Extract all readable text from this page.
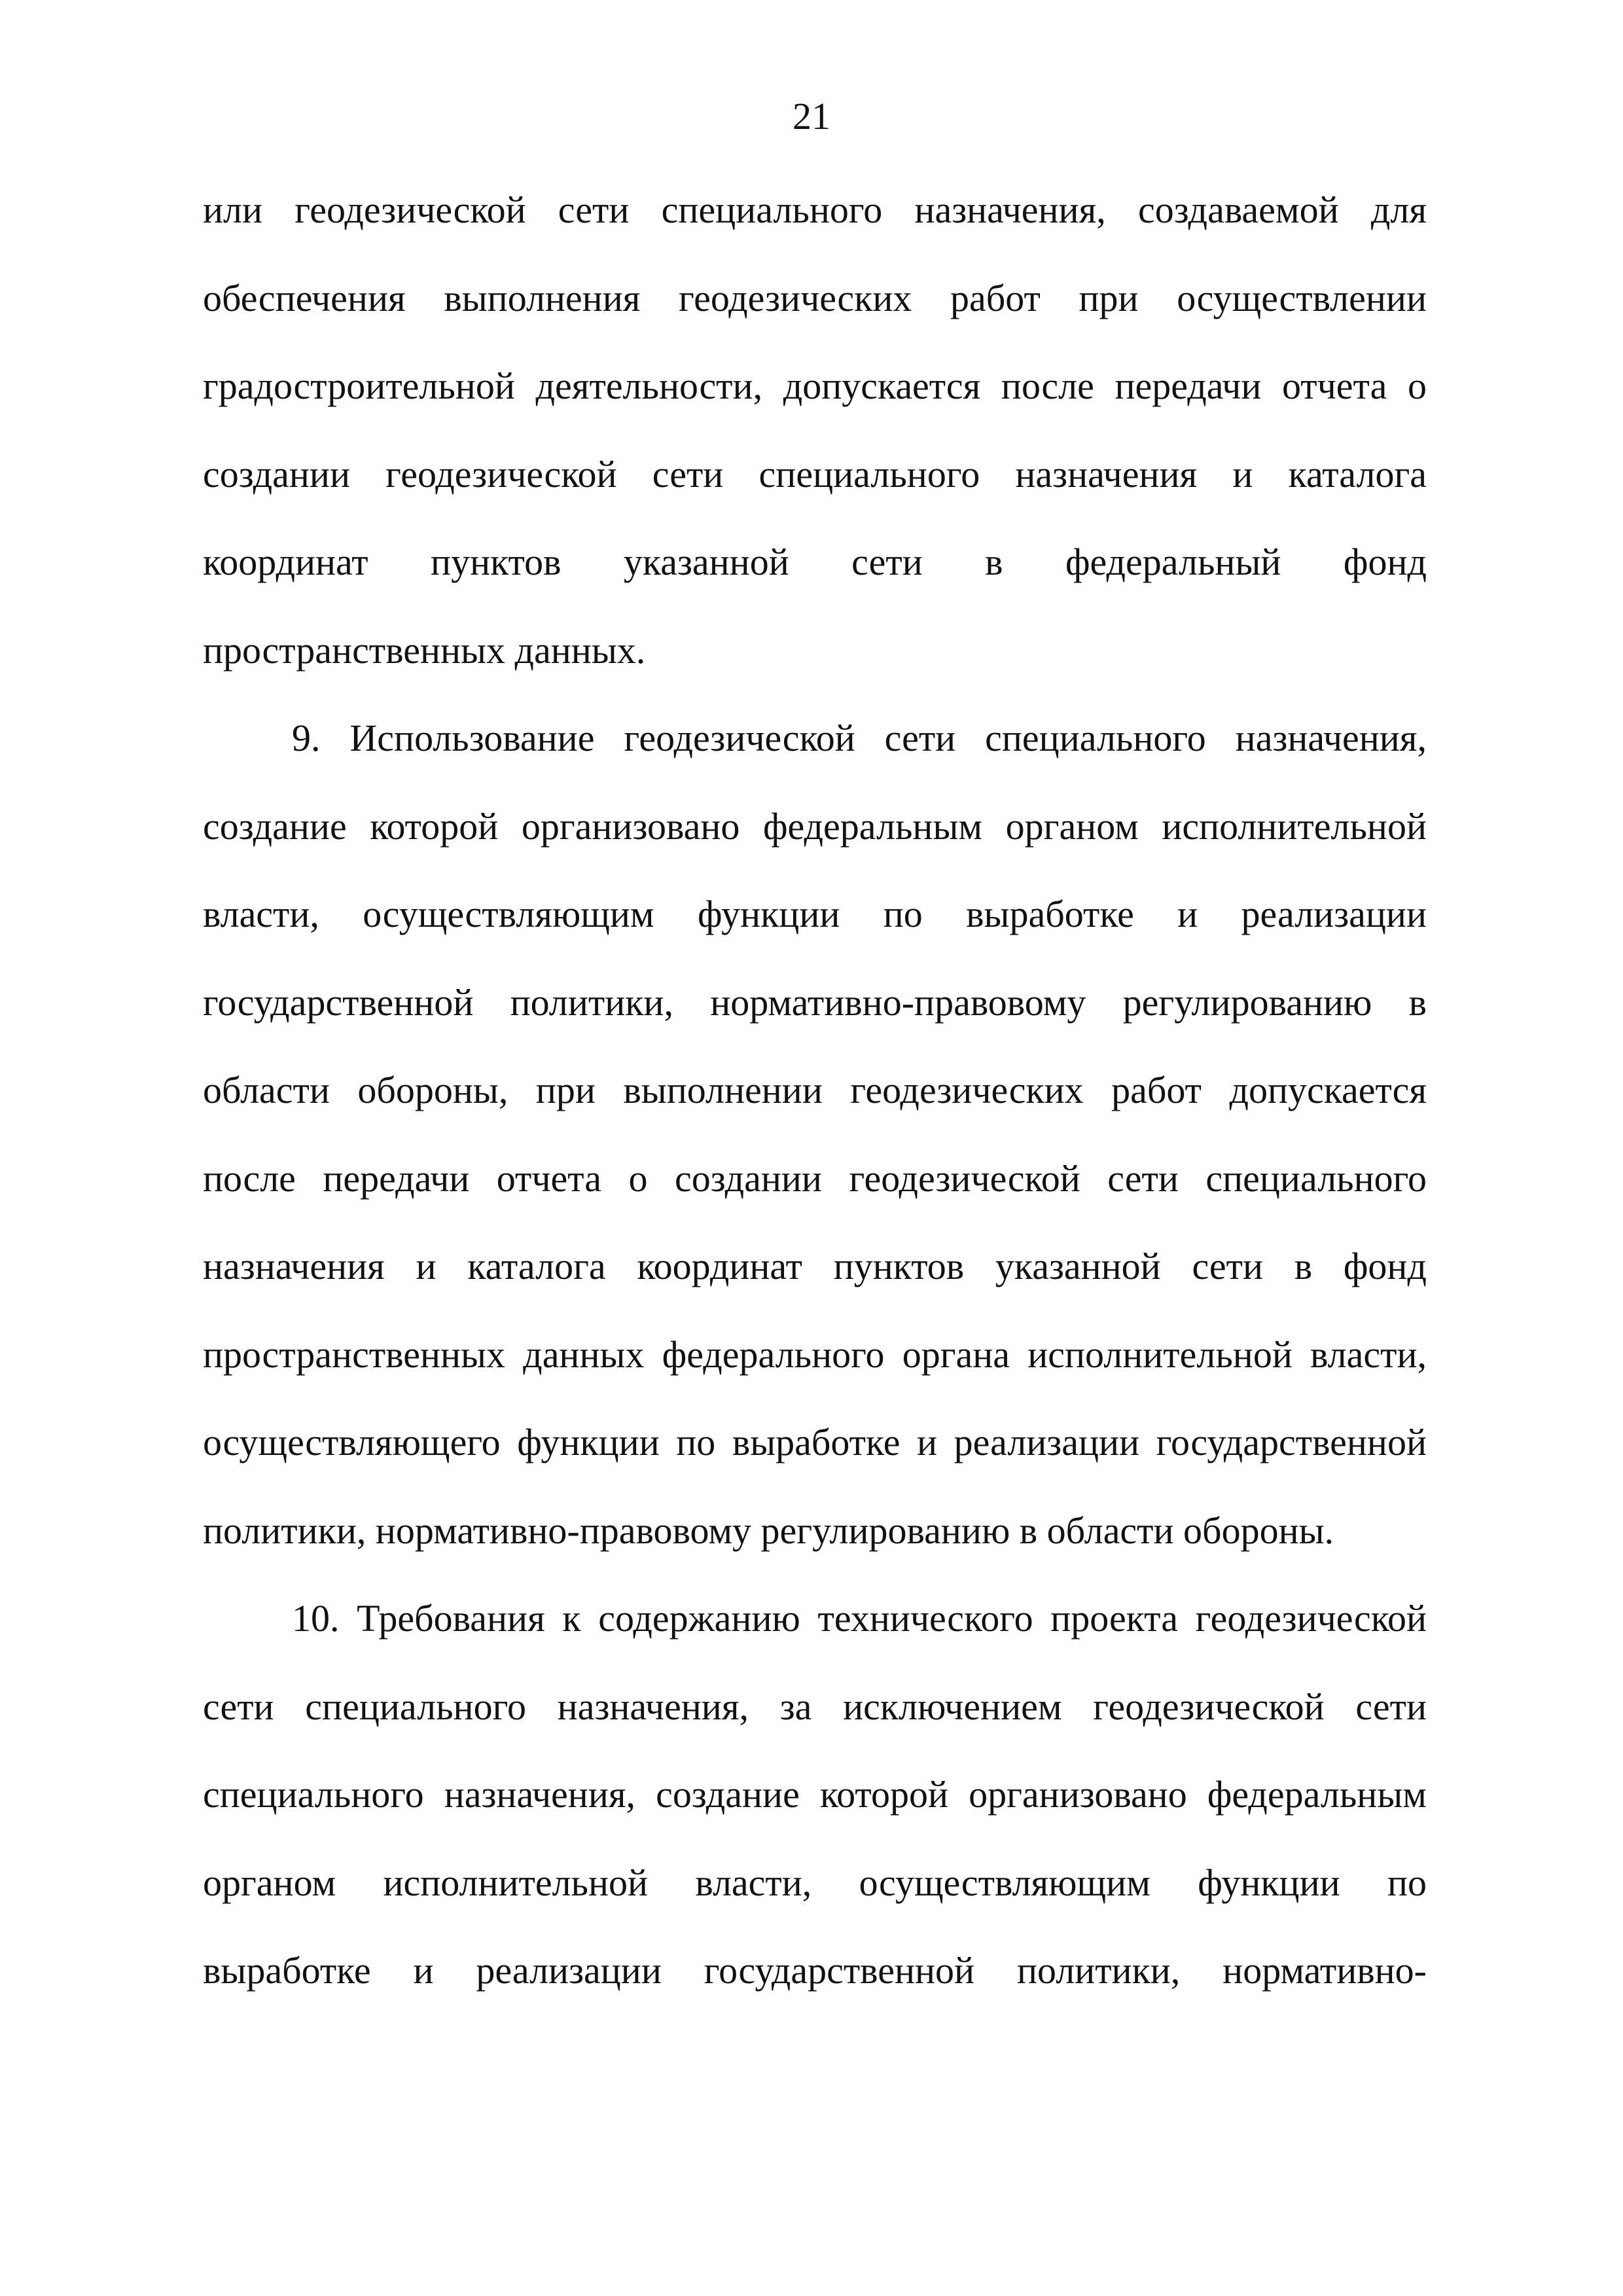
21
или геодезической сети специального назначения, создаваемой для
обеспечения выполнения геодезических работ при осуществлении
градостроительной деятельности, допускается после передачи отчета о
создании геодезической сети специального назначения и каталога
координат пунктов указанной сети в федеральный фонд
пространственных данных.
9. Использование геодезической сети специального назначения,
создание которой организовано федеральным органом исполнительной
власти, осуществляющим функции по выработке и реализации
государственной политики, нормативно-правовому регулированию в
области обороны, при выполнении геодезических работ допускается
после передачи отчета о создании геодезической сети специального
назначения и каталога координат пунктов указанной сети в фонд
пространственных данных федерального органа исполнительной власти,
осуществляющего функции по выработке и реализации государственной
политики, нормативно-правовому регулированию в области обороны.
10. Требования к содержанию технического проекта геодезической
сети специального назначения, за исключением геодезической сети
специального назначения, создание которой организовано федеральным
органом исполнительной власти, осуществляющим функции по
выработке и реализации государственной политики, нормативно-
